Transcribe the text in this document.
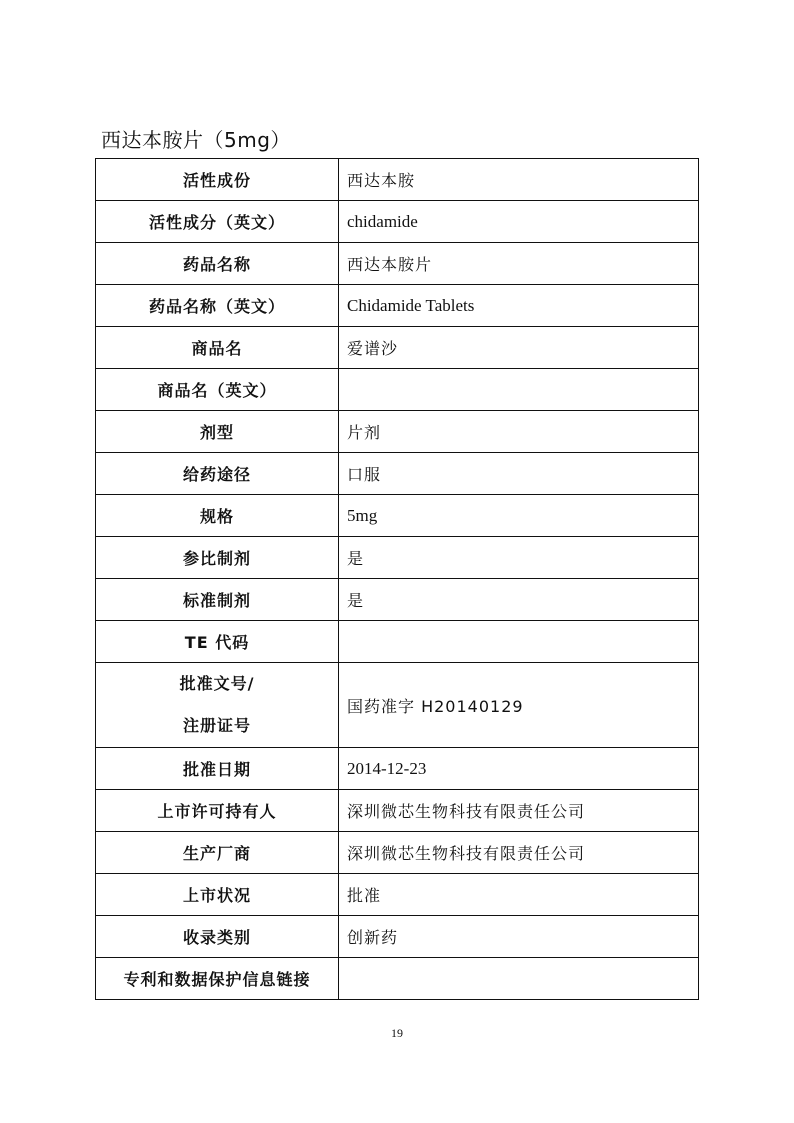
西达本胺片（5mg）
活性成份	西达本胺
活性成分（英文）	chidamide
药品名称	西达本胺片
药品名称（英文）	Chidamide Tablets
商品名	爱谱沙
商品名（英文）	
剂型	片剂
给药途径	口服
规格	5mg
参比制剂	是
标准制剂	是
TE 代码	

批准文号/
注册证号	国药准字 H20140129
批准日期	2014-12-23
上市许可持有人	深圳微芯生物科技有限责任公司
生产厂商	深圳微芯生物科技有限责任公司
上市状况	批准
收录类别	创新药
专利和数据保护信息链接	
19
